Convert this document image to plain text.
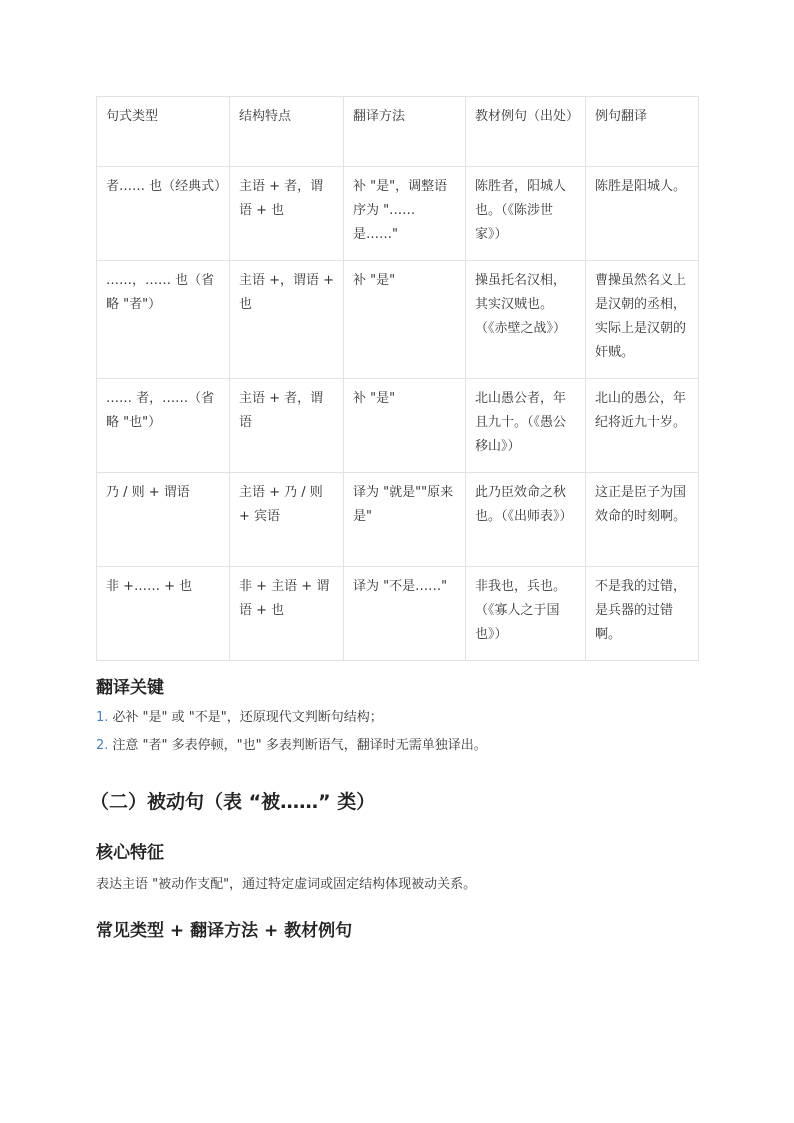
句式类型	结构特点	翻译方法	教材例句（出处）	例句翻译
者…… 也（经典式）	主语 + 者，谓语 + 也	补 "是"，调整语序为 "…… 是……"	陈胜者，阳城人也。（《陈涉世家》）	陈胜是阳城人。
……，…… 也（省略 "者"）	主语 +，谓语 + 也	补 "是"	操虽托名汉相，其实汉贼也。（《赤壁之战》）	曹操虽然名义上是汉朝的丞相，实际上是汉朝的奸贼。
…… 者，……（省略 "也"）	主语 + 者，谓语	补 "是"	北山愚公者，年且九十。（《愚公移山》）	北山的愚公，年纪将近九十岁。
乃 / 则 + 谓语	主语 + 乃 / 则 + 宾语	译为 "就是""原来是"	此乃臣效命之秋也。（《出师表》）	这正是臣子为国效命的时刻啊。
非 +…… + 也	非 + 主语 + 谓语 + 也	译为 "不是……"	非我也，兵也。（《寡人之于国也》）	不是我的过错，是兵器的过错啊。
翻译关键
1. 必补 "是" 或 "不是"，还原现代文判断句结构；
2. 注意 "者" 多表停顿，"也" 多表判断语气，翻译时无需单独译出。
（二）被动句（表 “被……” 类）
核心特征

表达主语 "被动作支配"，通过特定虚词或固定结构体现被动关系。

常见类型 + 翻译方法 + 教材例句
